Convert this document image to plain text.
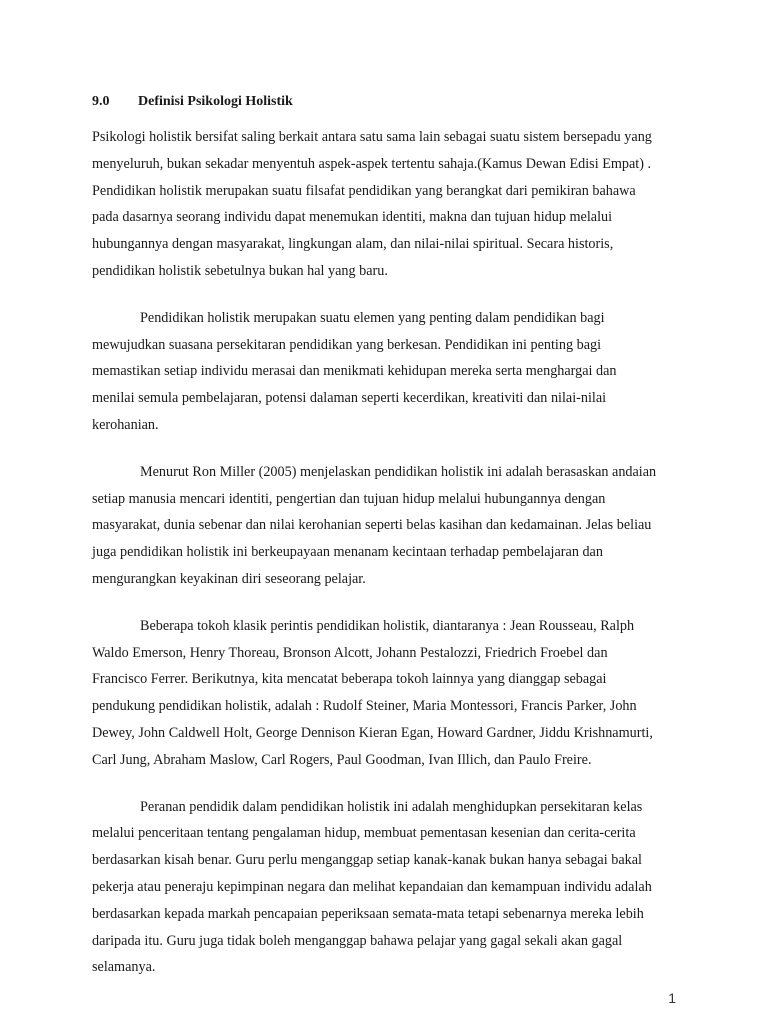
9.0	Definisi Psikologi Holistik

Psikologi holistik bersifat saling berkait antara satu sama lain sebagai suatu sistem bersepadu yang menyeluruh, bukan sekadar menyentuh aspek-aspek tertentu sahaja.(Kamus Dewan Edisi Empat) . Pendidikan holistik merupakan suatu filsafat pendidikan yang berangkat dari pemikiran bahawa pada dasarnya seorang individu dapat menemukan identiti, makna dan tujuan hidup melalui hubungannya dengan masyarakat, lingkungan alam, dan nilai-nilai spiritual. Secara historis, pendidikan holistik sebetulnya bukan hal yang baru.

Pendidikan holistik merupakan suatu elemen yang penting dalam pendidikan bagi mewujudkan suasana persekitaran pendidikan yang berkesan. Pendidikan ini penting bagi memastikan setiap individu merasai dan menikmati kehidupan mereka serta menghargai dan menilai semula pembelajaran, potensi dalaman seperti kecerdikan, kreativiti dan nilai-nilai kerohanian.

Menurut Ron Miller (2005) menjelaskan pendidikan holistik ini adalah berasaskan andaian setiap manusia mencari identiti, pengertian dan tujuan hidup melalui hubungannya dengan masyarakat, dunia sebenar dan nilai kerohanian seperti belas kasihan dan kedamainan. Jelas beliau juga pendidikan holistik ini berkeupayaan menanam kecintaan terhadap pembelajaran dan mengurangkan keyakinan diri seseorang pelajar.

Beberapa tokoh klasik perintis pendidikan holistik, diantaranya : Jean Rousseau, Ralph Waldo Emerson, Henry Thoreau, Bronson Alcott, Johann Pestalozzi, Friedrich Froebel dan Francisco Ferrer. Berikutnya, kita mencatat beberapa tokoh lainnya yang dianggap sebagai pendukung pendidikan holistik, adalah : Rudolf Steiner, Maria Montessori, Francis Parker, John Dewey, John Caldwell Holt, George Dennison Kieran Egan, Howard Gardner, Jiddu Krishnamurti, Carl Jung, Abraham Maslow, Carl Rogers, Paul Goodman, Ivan Illich, dan Paulo Freire.

Peranan pendidik dalam pendidikan holistik ini adalah menghidupkan persekitaran kelas melalui penceritaan tentang pengalaman hidup, membuat pementasan kesenian dan cerita-cerita berdasarkan kisah benar. Guru perlu menganggap setiap kanak-kanak bukan hanya sebagai bakal pekerja atau peneraju kepimpinan negara dan melihat kepandaian dan kemampuan individu adalah berdasarkan kepada markah pencapaian peperiksaan semata-mata tetapi sebenarnya mereka lebih daripada itu. Guru juga tidak boleh menganggap bahawa pelajar yang gagal sekali akan gagal selamanya.

1
